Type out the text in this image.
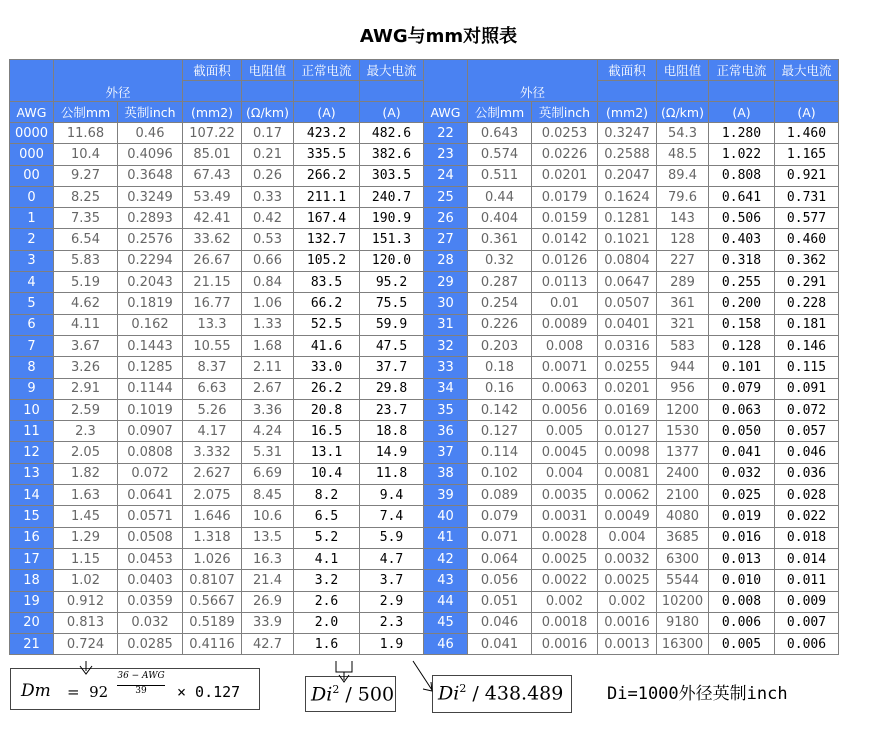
AWG与mm对照表
	外径		截面积	电阻值	正常电流	最大电流		外径		截面积	电阻值	正常电流	最大电流

AWG	公制mm	英制inch	(mm2)	(Ω/km)	(A)	(A)	AWG	公制mm	英制inch	(mm2)	(Ω/km)	(A)	(A)
0000	11.68	0.46	107.22	0.17	423.2	482.6	22	0.643	0.0253	0.3247	54.3	1.280	1.460
000	10.4	0.4096	85.01	0.21	335.5	382.6	23	0.574	0.0226	0.2588	48.5	1.022	1.165
00	9.27	0.3648	67.43	0.26	266.2	303.5	24	0.511	0.0201	0.2047	89.4	0.808	0.921
0	8.25	0.3249	53.49	0.33	211.1	240.7	25	0.44	0.0179	0.1624	79.6	0.641	0.731
1	7.35	0.2893	42.41	0.42	167.4	190.9	26	0.404	0.0159	0.1281	143	0.506	0.577
2	6.54	0.2576	33.62	0.53	132.7	151.3	27	0.361	0.0142	0.1021	128	0.403	0.460
3	5.83	0.2294	26.67	0.66	105.2	120.0	28	0.32	0.0126	0.0804	227	0.318	0.362
4	5.19	0.2043	21.15	0.84	83.5	95.2	29	0.287	0.0113	0.0647	289	0.255	0.291
5	4.62	0.1819	16.77	1.06	66.2	75.5	30	0.254	0.01	0.0507	361	0.200	0.228
6	4.11	0.162	13.3	1.33	52.5	59.9	31	0.226	0.0089	0.0401	321	0.158	0.181
7	3.67	0.1443	10.55	1.68	41.6	47.5	32	0.203	0.008	0.0316	583	0.128	0.146
8	3.26	0.1285	8.37	2.11	33.0	37.7	33	0.18	0.0071	0.0255	944	0.101	0.115
9	2.91	0.1144	6.63	2.67	26.2	29.8	34	0.16	0.0063	0.0201	956	0.079	0.091
10	2.59	0.1019	5.26	3.36	20.8	23.7	35	0.142	0.0056	0.0169	1200	0.063	0.072
11	2.3	0.0907	4.17	4.24	16.5	18.8	36	0.127	0.005	0.0127	1530	0.050	0.057
12	2.05	0.0808	3.332	5.31	13.1	14.9	37	0.114	0.0045	0.0098	1377	0.041	0.046
13	1.82	0.072	2.627	6.69	10.4	11.8	38	0.102	0.004	0.0081	2400	0.032	0.036
14	1.63	0.0641	2.075	8.45	8.2	9.4	39	0.089	0.0035	0.0062	2100	0.025	0.028
15	1.45	0.0571	1.646	10.6	6.5	7.4	40	0.079	0.0031	0.0049	4080	0.019	0.022
16	1.29	0.0508	1.318	13.5	5.2	5.9	41	0.071	0.0028	0.004	3685	0.016	0.018
17	1.15	0.0453	1.026	16.3	4.1	4.7	42	0.064	0.0025	0.0032	6300	0.013	0.014
18	1.02	0.0403	0.8107	21.4	3.2	3.7	43	0.056	0.0022	0.0025	5544	0.010	0.011
19	0.912	0.0359	0.5667	26.9	2.6	2.9	44	0.051	0.002	0.002	10200	0.008	0.009
20	0.813	0.032	0.5189	33.9	2.0	2.3	45	0.046	0.0018	0.0016	9180	0.006	0.007
21	0.724	0.0285	0.4116	42.7	1.6	1.9	46	0.041	0.0016	0.0013	16300	0.005	0.006
Dm =  92
36 − AWG
39	× 0.127	Di$^2$ / 500 Di$^2$ / 438.489	Di=1000外径英制inch
